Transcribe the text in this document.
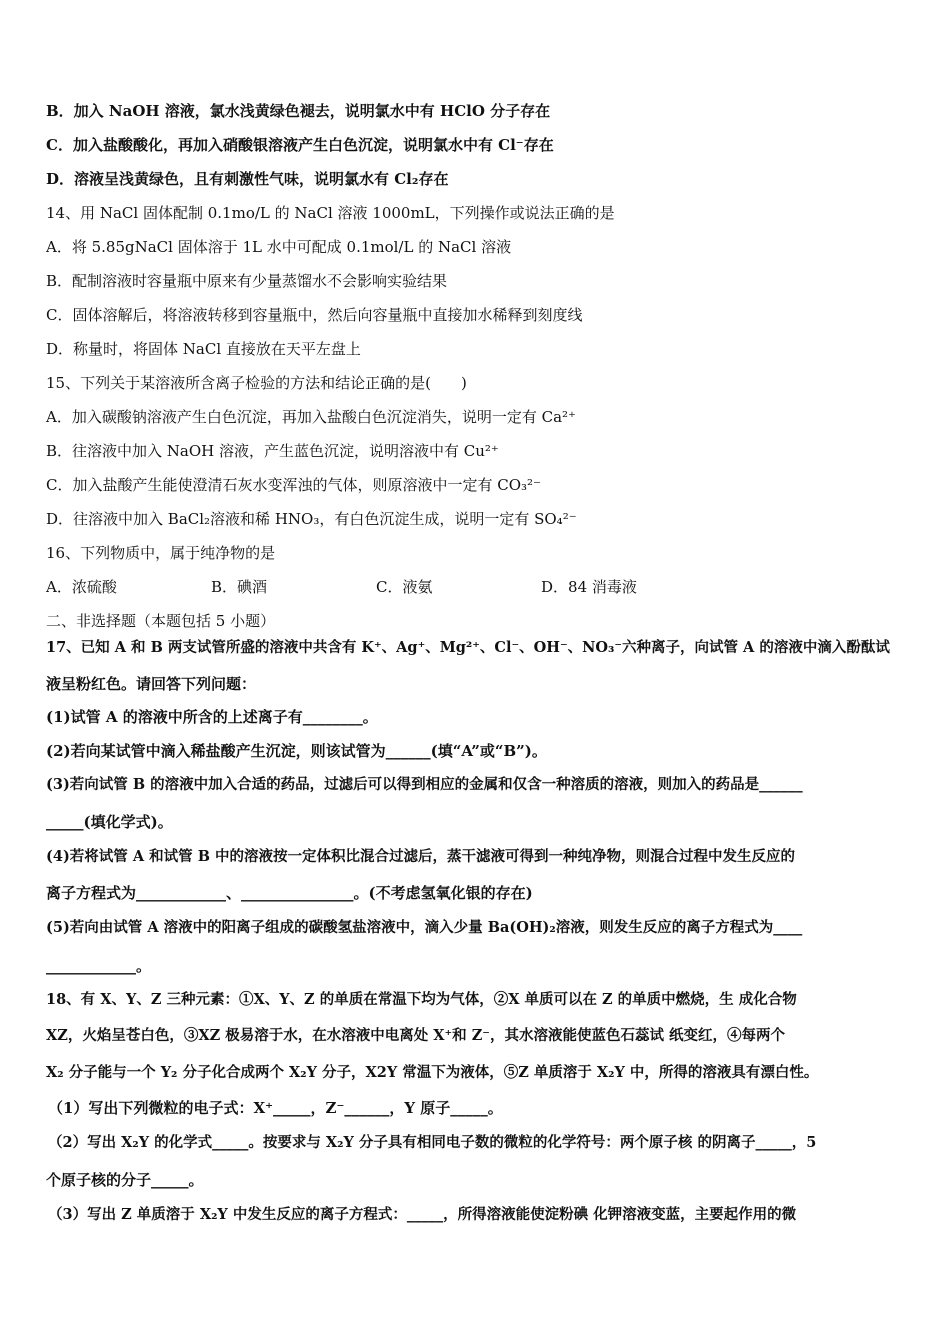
B．加入 NaOH 溶液，氯水浅黄绿色褪去，说明氯水中有 HClO 分子存在
C．加入盐酸酸化，再加入硝酸银溶液产生白色沉淀，说明氯水中有 Cl⁻存在
D．溶液呈浅黄绿色，且有刺激性气味，说明氯水有 Cl₂存在
14、用 NaCl 固体配制 0.1mo/L 的 NaCl 溶液 1000mL，下列操作或说法正确的是
A．将 5.85gNaCl 固体溶于 1L 水中可配成 0.1mol/L 的 NaCl 溶液
B．配制溶液时容量瓶中原来有少量蒸馏水不会影响实验结果
C．固体溶解后，将溶液转移到容量瓶中，然后向容量瓶中直接加水稀释到刻度线
D．称量时，将固体 NaCl 直接放在天平左盘上
15、下列关于某溶液所含离子检验的方法和结论正确的是(　　)
A．加入碳酸钠溶液产生白色沉淀，再加入盐酸白色沉淀消失，说明一定有 Ca²⁺
B．往溶液中加入 NaOH 溶液，产生蓝色沉淀，说明溶液中有 Cu²⁺
C．加入盐酸产生能使澄清石灰水变浑浊的气体，则原溶液中一定有 CO₃²⁻
D．往溶液中加入 BaCl₂溶液和稀 HNO₃，有白色沉淀生成，说明一定有 SO₄²⁻
16、下列物质中，属于纯净物的是
A．浓硫酸	B．碘酒	C．液氨	D．84 消毒液
二、非选择题（本题包括 5 小题）
17、已知 A 和 B 两支试管所盛的溶液中共含有 K⁺、Ag⁺、Mg²⁺、Cl⁻、OH⁻、NO₃⁻六种离子，向试管 A 的溶液中滴入酚酞试
液呈粉红色。请回答下列问题：
(1)试管 A 的溶液中所含的上述离子有________。
(2)若向某试管中滴入稀盐酸产生沉淀，则该试管为______(填“A”或“B”)。
(3)若向试管 B 的溶液中加入合适的药品，过滤后可以得到相应的金属和仅含一种溶质的溶液，则加入的药品是______
_____(填化学式)。
(4)若将试管 A 和试管 B 中的溶液按一定体积比混合过滤后，蒸干滤液可得到一种纯净物，则混合过程中发生反应的
离子方程式为____________、_______________。(不考虑氢氧化银的存在)
(5)若向由试管 A 溶液中的阳离子组成的碳酸氢盐溶液中，滴入少量 Ba(OH)₂溶液，则发生反应的离子方程式为____
____________。
18、有 X、Y、Z 三种元素：①X、Y、Z 的单质在常温下均为气体，②X 单质可以在 Z 的单质中燃烧，生 成化合物
XZ，火焰呈苍白色，③XZ 极易溶于水，在水溶液中电离处 X⁺和 Z⁻，其水溶液能使蓝色石蕊试 纸变红，④每两个
X₂ 分子能与一个 Y₂ 分子化合成两个 X₂Y 分子，X2Y 常温下为液体，⑤Z 单质溶于 X₂Y 中，所得的溶液具有漂白性。
（1）写出下列微粒的电子式：X⁺_____，Z⁻______，Y 原子_____。
（2）写出 X₂Y 的化学式_____。按要求与 X₂Y 分子具有相同电子数的微粒的化学符号：两个原子核 的阴离子_____，5
个原子核的分子_____。
（3）写出 Z 单质溶于 X₂Y 中发生反应的离子方程式：_____，所得溶液能使淀粉碘 化钾溶液变蓝，主要起作用的微
